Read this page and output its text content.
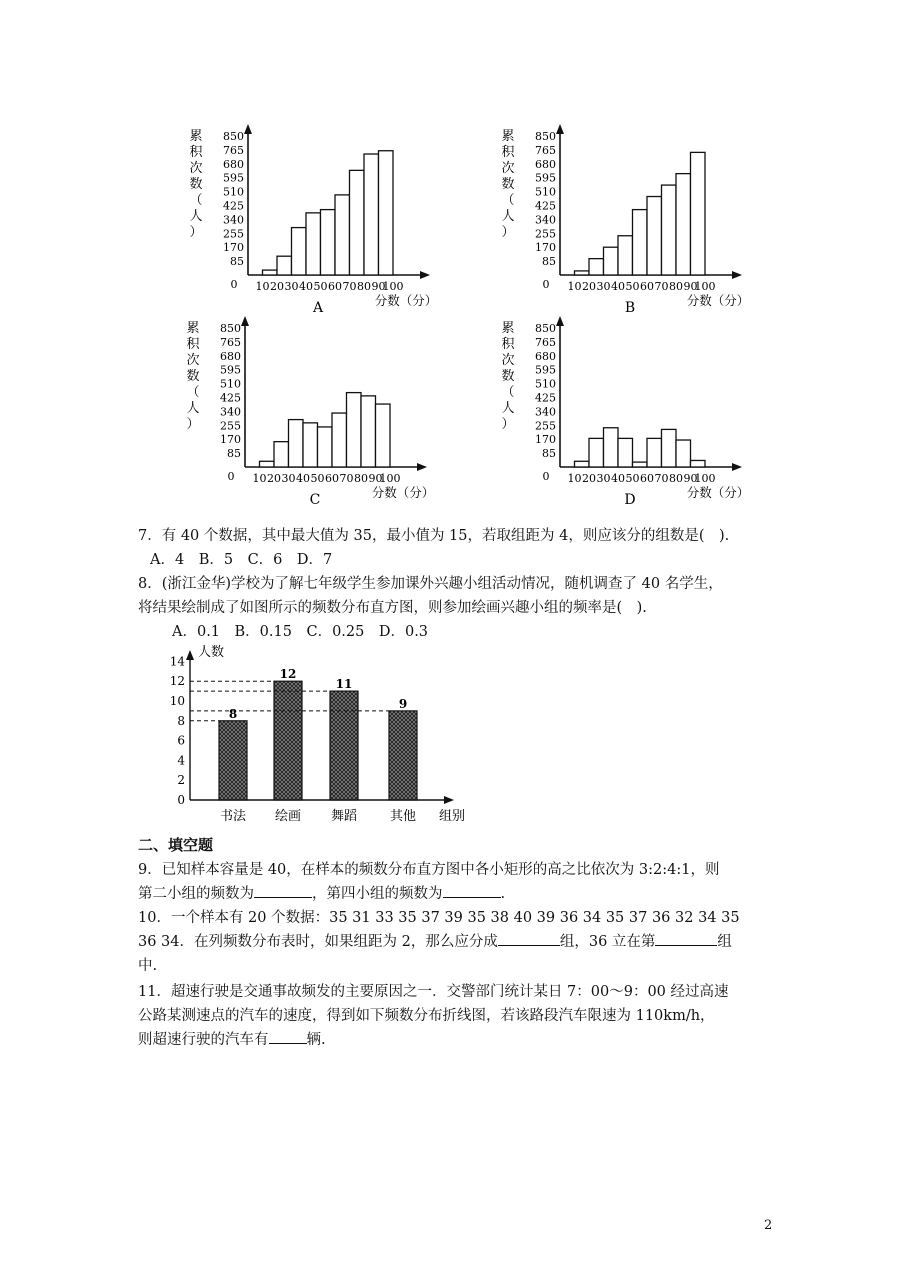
累
积
次
数
（
人
）
85
170
255
340
425
510
595
680
765
850
0 10 20 30 40 50 60 70 80 90
100
分数（分）
A
累
积
次
数
（
人
）
85
170
255
340
425
510
595
680
765
850
0 10 20 30 40 50 60 70 80 90
100
分数（分）
B
累
积
次
数
（
人
）
85
170
255
340
425
510
595
680
765
850
0 10 20 30 40 50 60 70 80 90
100
分数（分）
C
累
积
次
数
（
人
）
85
170
255
340
425
510
595
680
765
850
0 10 20 30 40 50 60 70 80 90
100
分数（分）
D
7．有 40 个数据，其中最大值为 35，最小值为 15，若取组距为 4，则应该分的组数是(　).
A．4　B．5　C．6　D．7
8．(浙江金华)学校为了解七年级学生参加课外兴趣小组活动情况，随机调查了 40 名学生，
将结果绘制成了如图所示的频数分布直方图，则参加绘画兴趣小组的频率是(　).
A．0.1　B．0.15　C．0.25　D．0.3
人数
0
2
4
6
8
10
12
14
8
书法
12
绘画
11
舞蹈
9
其他 组别
二、填空题
9．已知样本容量是 40，在样本的频数分布直方图中各小矩形的高之比依次为 3:2:4:1，则
第二小组的频数为	，第四小组的频数为	.
10．一个样本有 20 个数据：35 31 33 35 37 39 35 38 40 39 36 34 35 37 36 32 34 35
36 34．在列频数分布表时，如果组距为 2，那么应分成	组，36 立在第	组
中.
11．超速行驶是交通事故频发的主要原因之一．交警部门统计某日 7：00～9：00 经过高速
公路某测速点的汽车的速度，得到如下频数分布折线图，若该路段汽车限速为 110km/h，
则超速行驶的汽车有	辆.
2
